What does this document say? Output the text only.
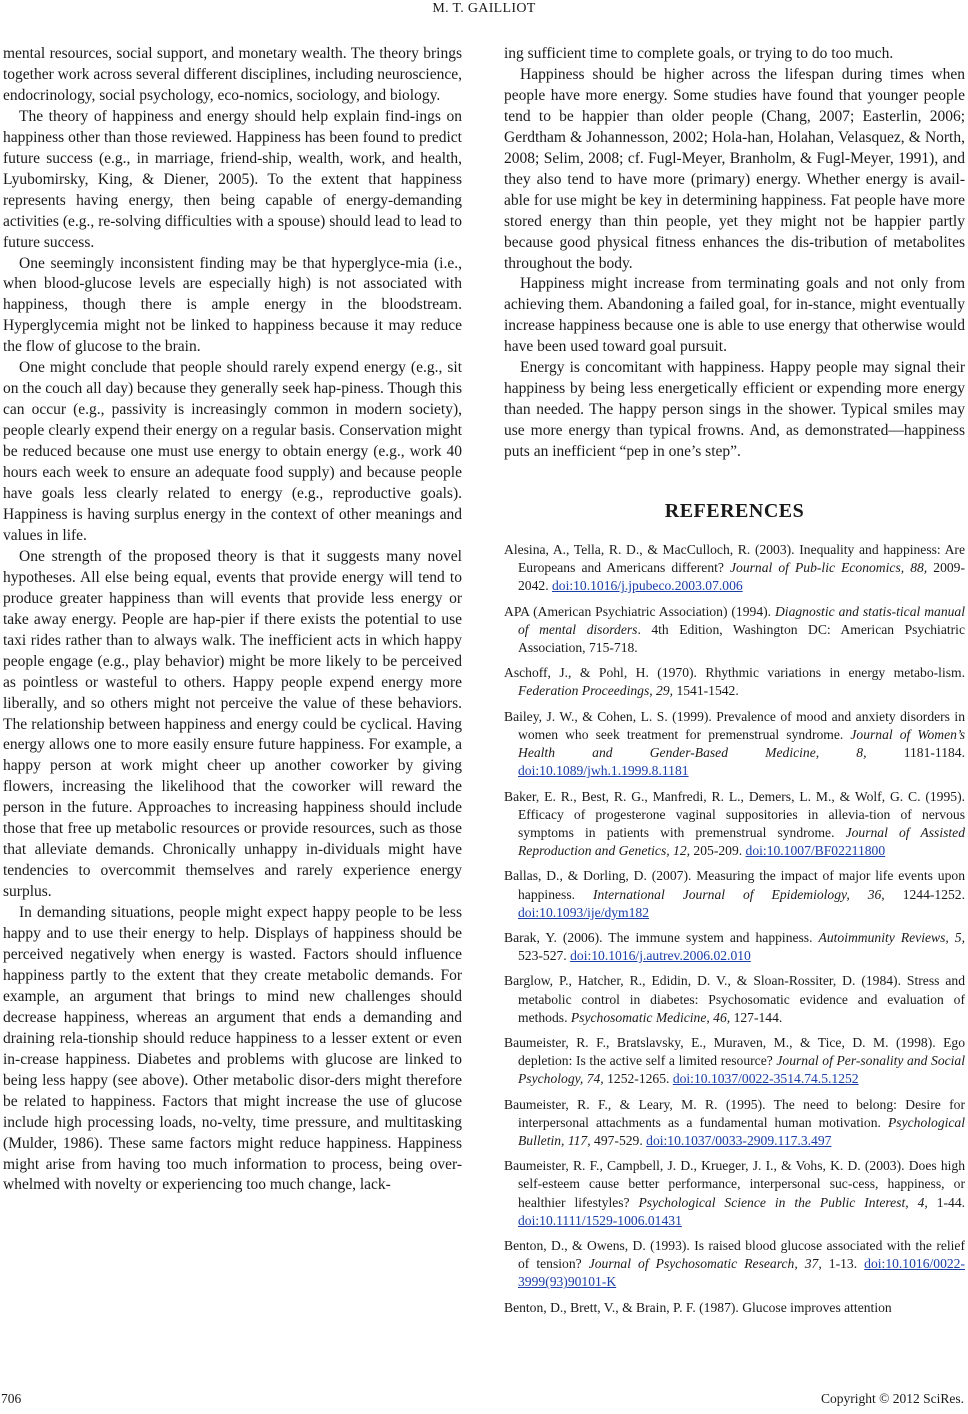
M. T. GAILLIOT

mental resources, social support, and monetary wealth. The theory brings together work across several different disciplines, including neuroscience, endocrinology, social psychology, eco-nomics, sociology, and biology.

The theory of happiness and energy should help explain find-ings on happiness other than those reviewed. Happiness has been found to predict future success (e.g., in marriage, friend-ship, wealth, work, and health, Lyubomirsky, King, & Diener, 2005). To the extent that happiness represents having energy, then being capable of energy-demanding activities (e.g., re-solving difficulties with a spouse) should lead to lead to future success.

One seemingly inconsistent finding may be that hyperglyce-mia (i.e., when blood-glucose levels are especially high) is not associated with happiness, though there is ample energy in the bloodstream. Hyperglycemia might not be linked to happiness because it may reduce the flow of glucose to the brain.

One might conclude that people should rarely expend energy (e.g., sit on the couch all day) because they generally seek hap-piness. Though this can occur (e.g., passivity is increasingly common in modern society), people clearly expend their energy on a regular basis. Conservation might be reduced because one must use energy to obtain energy (e.g., work 40 hours each week to ensure an adequate food supply) and because people have goals less clearly related to energy (e.g., reproductive goals). Happiness is having surplus energy in the context of other meanings and values in life.

One strength of the proposed theory is that it suggests many novel hypotheses. All else being equal, events that provide energy will tend to produce greater happiness than will events that provide less energy or take away energy. People are hap-pier if there exists the potential to use taxi rides rather than to always walk. The inefficient acts in which happy people engage (e.g., play behavior) might be more likely to be perceived as pointless or wasteful to others. Happy people expend energy more liberally, and so others might not perceive the value of these behaviors. The relationship between happiness and energy could be cyclical. Having energy allows one to more easily ensure future happiness. For example, a happy person at work might cheer up another coworker by giving flowers, increasing the likelihood that the coworker will reward the person in the future. Approaches to increasing happiness should include those that free up metabolic resources or provide resources, such as those that alleviate demands. Chronically unhappy in-dividuals might have tendencies to overcommit themselves and rarely experience energy surplus.

In demanding situations, people might expect happy people to be less happy and to use their energy to help. Displays of happiness should be perceived negatively when energy is wasted. Factors should influence happiness partly to the extent that they create metabolic demands. For example, an argument that brings to mind new challenges should decrease happiness, whereas an argument that ends a demanding and draining rela-tionship should reduce happiness to a lesser extent or even in-crease happiness. Diabetes and problems with glucose are linked to being less happy (see above). Other metabolic disor-ders might therefore be related to happiness. Factors that might increase the use of glucose include high processing loads, no-velty, time pressure, and multitasking (Mulder, 1986). These same factors might reduce happiness. Happiness might arise from having too much information to process, being over-whelmed with novelty or experiencing too much change, lack-

ing sufficient time to complete goals, or trying to do too much.

Happiness should be higher across the lifespan during times when people have more energy. Some studies have found that younger people tend to be happier than older people (Chang, 2007; Easterlin, 2006; Gerdtham & Johannesson, 2002; Hola-han, Holahan, Velasquez, & North, 2008; Selim, 2008; cf. Fugl-Meyer, Branholm, & Fugl-Meyer, 1991), and they also tend to have more (primary) energy. Whether energy is avail-able for use might be key in determining happiness. Fat people have more stored energy than thin people, yet they might not be happier partly because good physical fitness enhances the dis-tribution of metabolites throughout the body.

Happiness might increase from terminating goals and not only from achieving them. Abandoning a failed goal, for in-stance, might eventually increase happiness because one is able to use energy that otherwise would have been used toward goal pursuit.

Energy is concomitant with happiness. Happy people may signal their happiness by being less energetically efficient or expending more energy than needed. The happy person sings in the shower. Typical smiles may use more energy than typical frowns. And, as demonstrated—happiness puts an inefficient “pep in one’s step”.

REFERENCES
Alesina, A., Tella, R. D., & MacCulloch, R. (2003). Inequality and happiness: Are Europeans and Americans different? Journal of Pub-lic Economics, 88, 2009-2042. doi:10.1016/j.jpubeco.2003.07.006
APA (American Psychiatric Association) (1994). Diagnostic and statis-tical manual of mental disorders. 4th Edition, Washington DC: American Psychiatric Association, 715-718.
Aschoff, J., & Pohl, H. (1970). Rhythmic variations in energy metabo-lism. Federation Proceedings, 29, 1541-1542.
Bailey, J. W., & Cohen, L. S. (1999). Prevalence of mood and anxiety disorders in women who seek treatment for premenstrual syndrome. Journal of Women’s Health and Gender-Based Medicine, 8, 1181-1184. doi:10.1089/jwh.1.1999.8.1181
Baker, E. R., Best, R. G., Manfredi, R. L., Demers, L. M., & Wolf, G. C. (1995). Efficacy of progesterone vaginal suppositories in allevia-tion of nervous symptoms in patients with premenstrual syndrome. Journal of Assisted Reproduction and Genetics, 12, 205-209. doi:10.1007/BF02211800
Ballas, D., & Dorling, D. (2007). Measuring the impact of major life events upon happiness. International Journal of Epidemiology, 36, 1244-1252. doi:10.1093/ije/dym182
Barak, Y. (2006). The immune system and happiness. Autoimmunity Reviews, 5, 523-527. doi:10.1016/j.autrev.2006.02.010
Barglow, P., Hatcher, R., Edidin, D. V., & Sloan-Rossiter, D. (1984). Stress and metabolic control in diabetes: Psychosomatic evidence and evaluation of methods. Psychosomatic Medicine, 46, 127-144.
Baumeister, R. F., Bratslavsky, E., Muraven, M., & Tice, D. M. (1998). Ego depletion: Is the active self a limited resource? Journal of Per-sonality and Social Psychology, 74, 1252-1265. doi:10.1037/0022-3514.74.5.1252
Baumeister, R. F., & Leary, M. R. (1995). The need to belong: Desire for interpersonal attachments as a fundamental human motivation. Psychological Bulletin, 117, 497-529. doi:10.1037/0033-2909.117.3.497
Baumeister, R. F., Campbell, J. D., Krueger, J. I., & Vohs, K. D. (2003). Does high self-esteem cause better performance, interpersonal suc-cess, happiness, or healthier lifestyles? Psychological Science in the Public Interest, 4, 1-44. doi:10.1111/1529-1006.01431
Benton, D., & Owens, D. (1993). Is raised blood glucose associated with the relief of tension? Journal of Psychosomatic Research, 37, 1-13. doi:10.1016/0022-3999(93)90101-K
Benton, D., Brett, V., & Brain, P. F. (1987). Glucose improves attention
706	Copyright © 2012 SciRes.
